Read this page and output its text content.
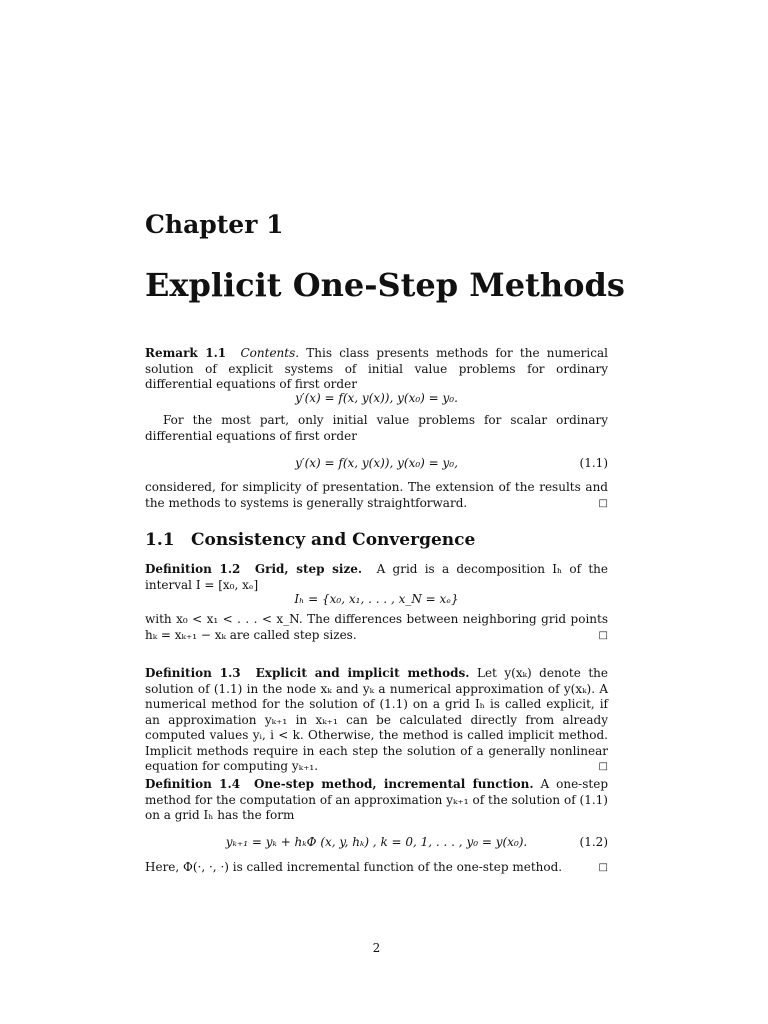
Chapter 1
Explicit One-Step Methods
Remark 1.1 Contents. This class presents methods for the numerical solution of explicit systems of initial value problems for ordinary differential equations of first order
y′(x) = f(x, y(x)), y(x₀) = y₀.
For the most part, only initial value problems for scalar ordinary differential equations of first order
y′(x) = f(x, y(x)), y(x₀) = y₀,	(1.1)
considered, for simplicity of presentation. The extension of the results and the methods to systems is generally straightforward.	□
1.1 Consistency and Convergence
Definition 1.2 Grid, step size. A grid is a decomposition Iₕ of the interval I = [x₀, xₑ]
Iₕ = {x₀, x₁, . . . , x_N = xₑ}
with x₀ < x₁ < . . . < x_N. The differences between neighboring grid points hₖ = xₖ₊₁ − xₖ are called step sizes.	□
Definition 1.3 Explicit and implicit methods. Let y(xₖ) denote the solution of (1.1) in the node xₖ and yₖ a numerical approximation of y(xₖ). A numerical method for the solution of (1.1) on a grid Iₕ is called explicit, if an approximation yₖ₊₁ in xₖ₊₁ can be calculated directly from already computed values yᵢ, i < k. Otherwise, the method is called implicit method. Implicit methods require in each step the solution of a generally nonlinear equation for computing yₖ₊₁.	□
Definition 1.4 One-step method, incremental function. A one-step method for the computation of an approximation yₖ₊₁ of the solution of (1.1) on a grid Iₕ has the form
yₖ₊₁ = yₖ + hₖΦ (x, y, hₖ) , k = 0, 1, . . . , y₀ = y(x₀).	(1.2)
Here, Φ(·, ·, ·) is called incremental function of the one-step method.	□
2
